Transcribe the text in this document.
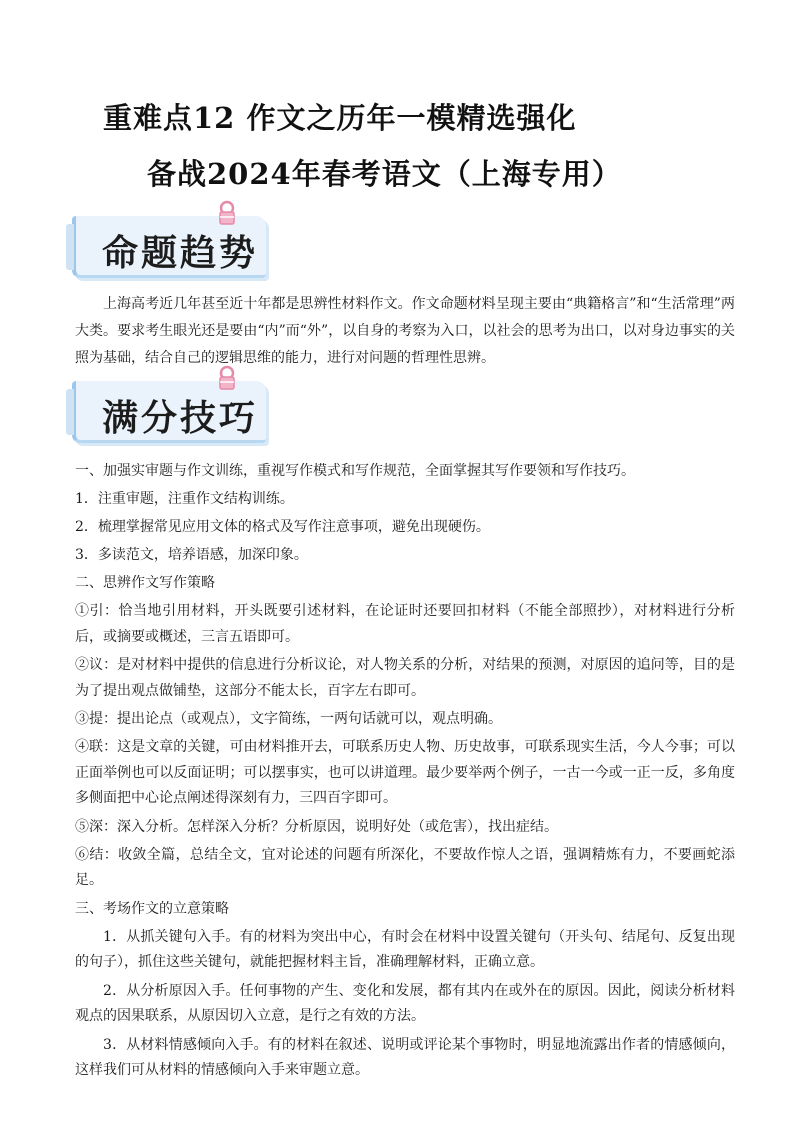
重难点12 作文之历年一模精选强化
备战2024年春考语文（上海专用）
命题趋势
上海高考近几年甚至近十年都是思辨性材料作文。作文命题材料呈现主要由“典籍格言”和“生活常理”两大类。要求考生眼光还是要由“内”而“外”，以自身的考察为入口，以社会的思考为出口，以对身边事实的关照为基础，结合自己的逻辑思维的能力，进行对问题的哲理性思辨。
满分技巧
一、加强实审题与作文训练，重视写作模式和写作规范，全面掌握其写作要领和写作技巧。
1．注重审题，注重作文结构训练。
2．梳理掌握常见应用文体的格式及写作注意事项，避免出现硬伤。
3．多读范文，培养语感，加深印象。
二、思辨作文写作策略
①引：恰当地引用材料，开头既要引述材料，在论证时还要回扣材料（不能全部照抄），对材料进行分析后，或摘要或概述，三言五语即可。
②议：是对材料中提供的信息进行分析议论，对人物关系的分析，对结果的预测，对原因的追问等，目的是为了提出观点做铺垫，这部分不能太长，百字左右即可。
③提：提出论点（或观点），文字简练，一两句话就可以，观点明确。
④联：这是文章的关键，可由材料推开去，可联系历史人物、历史故事，可联系现实生活，今人今事；可以正面举例也可以反面证明；可以摆事实，也可以讲道理。最少要举两个例子，一古一今或一正一反，多角度多侧面把中心论点阐述得深刻有力，三四百字即可。
⑤深：深入分析。怎样深入分析？分析原因，说明好处（或危害），找出症结。
⑥结：收敛全篇，总结全文，宜对论述的问题有所深化，不要故作惊人之语，强调精炼有力，不要画蛇添足。
三、考场作文的立意策略
1．从抓关键句入手。有的材料为突出中心，有时会在材料中设置关键句（开头句、结尾句、反复出现的句子），抓住这些关键句，就能把握材料主旨，准确理解材料，正确立意。
2．从分析原因入手。任何事物的产生、变化和发展，都有其内在或外在的原因。因此，阅读分析材料观点的因果联系，从原因切入立意，是行之有效的方法。
3．从材料情感倾向入手。有的材料在叙述、说明或评论某个事物时，明显地流露出作者的情感倾向，这样我们可从材料的情感倾向入手来审题立意。
